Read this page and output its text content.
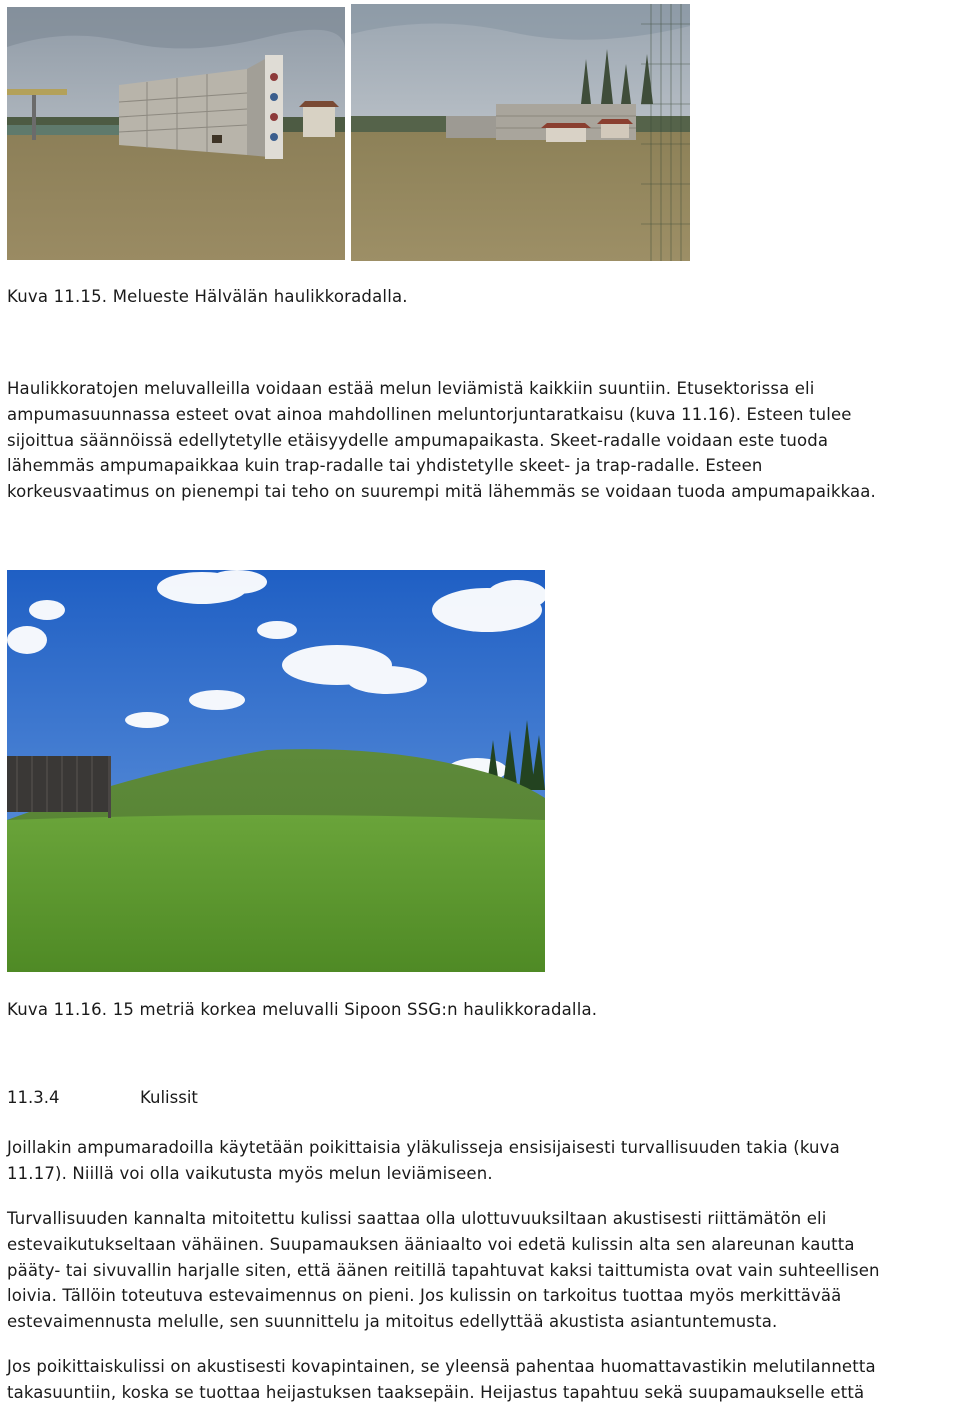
Kuva 11.15. Melueste Hälvälän haulikkoradalla.
Haulikkoratojen meluvalleilla voidaan estää melun leviämistä kaikkiin suuntiin. Etusektorissa eli
ampumasuunnassa esteet ovat ainoa mahdollinen meluntorjuntaratkaisu (kuva 11.16). Esteen tulee
sijoittua säännöissä edellytetylle etäisyydelle ampumapaikasta. Skeet-radalle voidaan este tuoda
lähemmäs ampumapaikkaa kuin trap-radalle tai yhdistetylle skeet- ja trap-radalle. Esteen
korkeusvaatimus on pienempi tai teho on suurempi mitä lähemmäs se voidaan tuoda ampumapaikkaa.
Kuva 11.16. 15 metriä korkea meluvalli Sipoon SSG:n haulikkoradalla.
11.3.4	Kulissit
Joillakin ampumaradoilla käytetään poikittaisia yläkulisseja ensisijaisesti turvallisuuden takia (kuva
11.17). Niillä voi olla vaikutusta myös melun leviämiseen.
Turvallisuuden kannalta mitoitettu kulissi saattaa olla ulottuvuuksiltaan akustisesti riittämätön eli
estevaikutukseltaan vähäinen. Suupamauksen ääniaalto voi edetä kulissin alta sen alareunan kautta
pääty- tai sivuvallin harjalle siten, että äänen reitillä tapahtuvat kaksi taittumista ovat vain suhteellisen
loivia. Tällöin toteutuva estevaimennus on pieni. Jos kulissin on tarkoitus tuottaa myös merkittävää
estevaimennusta melulle, sen suunnittelu ja mitoitus edellyttää akustista asiantuntemusta.
Jos poikittaiskulissi on akustisesti kovapintainen, se yleensä pahentaa huomattavastikin melutilannetta
takasuuntiin, koska se tuottaa heijastuksen taaksepäin. Heijastus tapahtuu sekä suupamaukselle että
